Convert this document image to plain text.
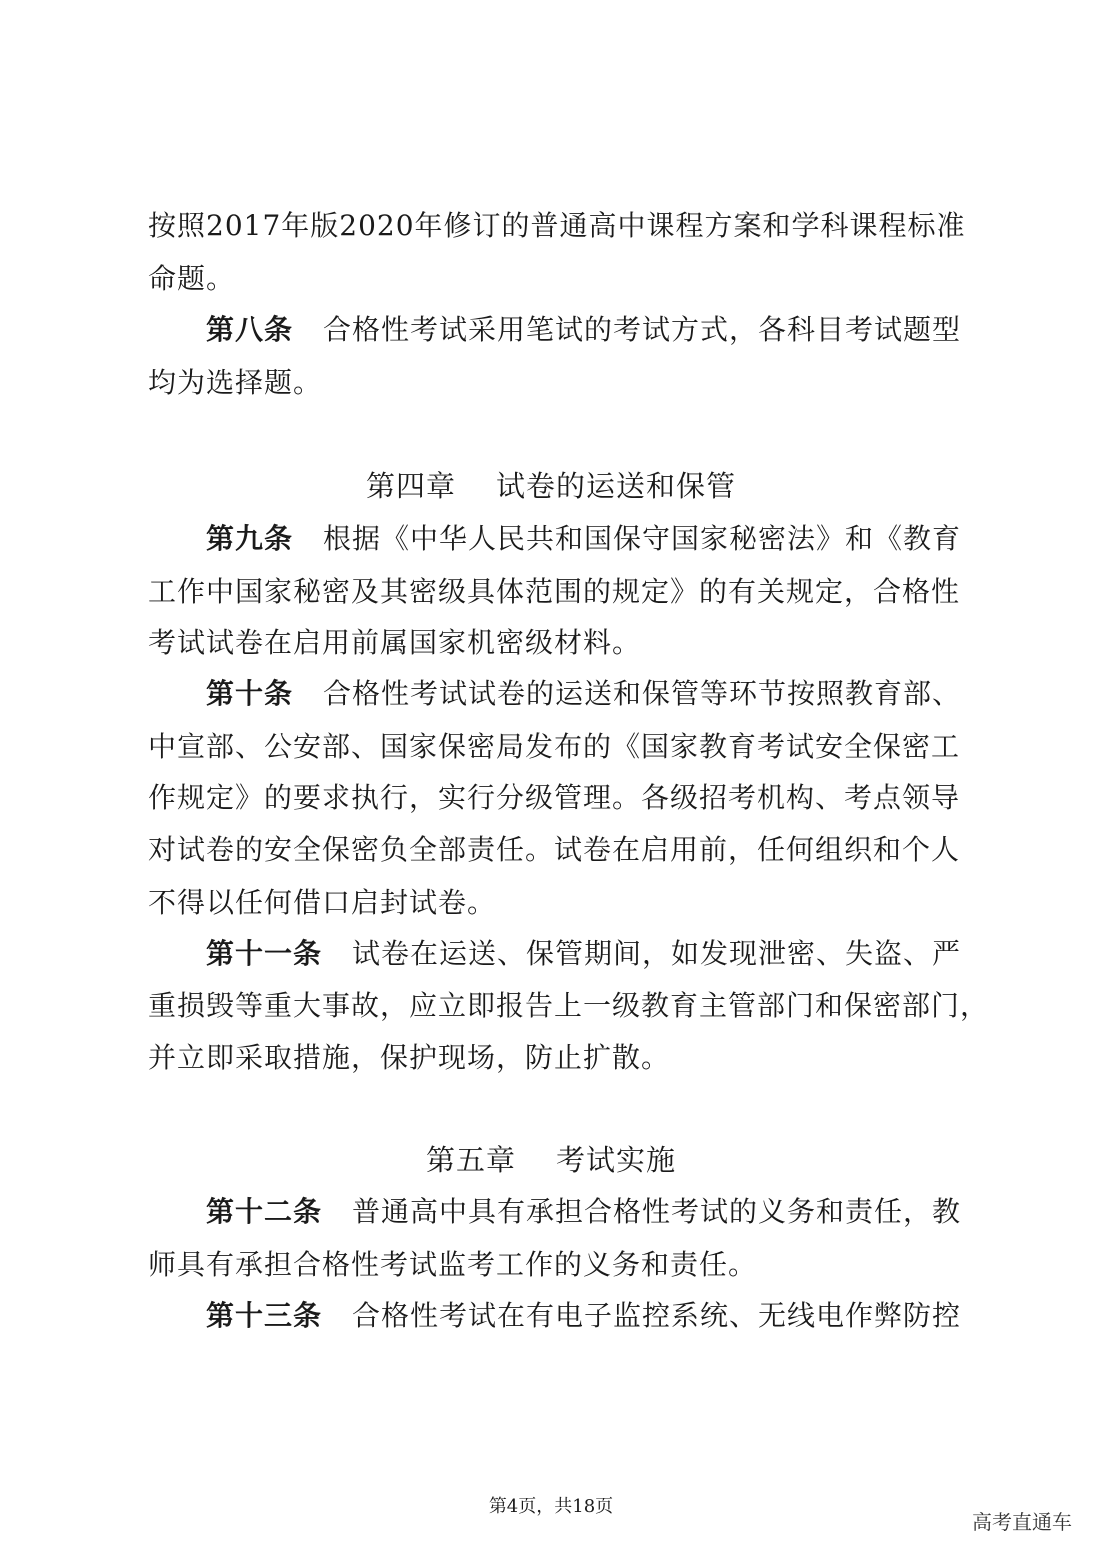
按照2017年版2020年修订的普通高中课程方案和学科课程标准
命题。
第八条 合格性考试采用笔试的考试方式，各科目考试题型
均为选择题。
第四章 试卷的运送和保管
第九条 根据《中华人民共和国保守国家秘密法》和《教育
工作中国家秘密及其密级具体范围的规定》的有关规定，合格性
考试试卷在启用前属国家机密级材料。
第十条 合格性考试试卷的运送和保管等环节按照教育部、
中宣部、公安部、国家保密局发布的《国家教育考试安全保密工
作规定》的要求执行，实行分级管理。各级招考机构、考点领导
对试卷的安全保密负全部责任。试卷在启用前，任何组织和个人
不得以任何借口启封试卷。
第十一条 试卷在运送、保管期间，如发现泄密、失盗、严
重损毁等重大事故，应立即报告上一级教育主管部门和保密部门，
并立即采取措施，保护现场，防止扩散。
第五章 考试实施
第十二条 普通高中具有承担合格性考试的义务和责任，教
师具有承担合格性考试监考工作的义务和责任。
第十三条 合格性考试在有电子监控系统、无线电作弊防控
第4页，共18页
高考直通车
